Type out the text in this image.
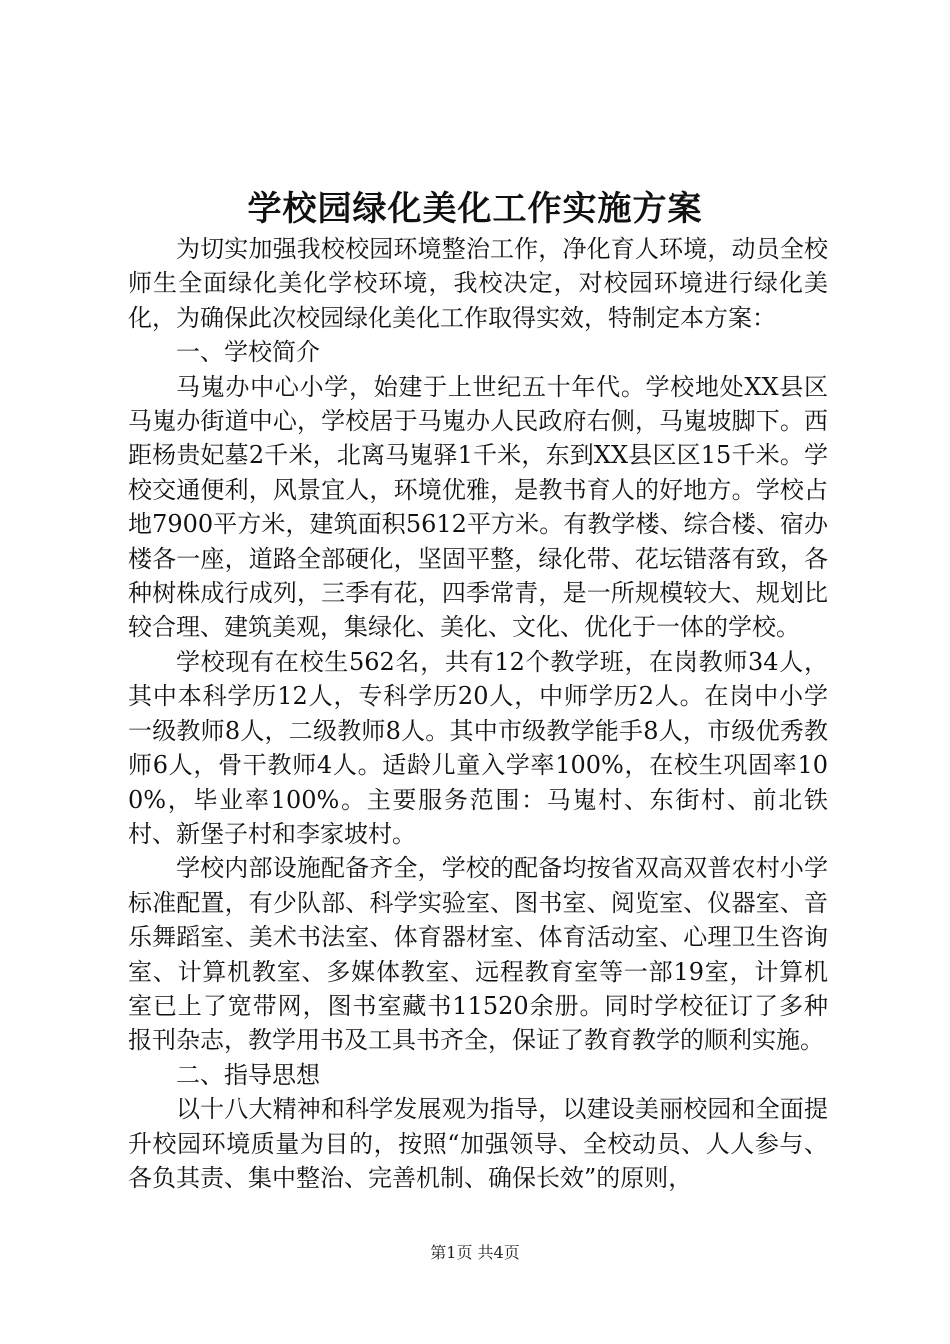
学校园绿化美化工作实施方案

为切实加强我校校园环境整治工作，净化育人环境，动员全校师生全面绿化美化学校环境，我校决定，对校园环境进行绿化美化，为确保此次校园绿化美化工作取得实效，特制定本方案：

一、学校简介

马嵬办中心小学，始建于上世纪五十年代。学校地处XX县区马嵬办街道中心，学校居于马嵬办人民政府右侧，马嵬坡脚下。西距杨贵妃墓2千米，北离马嵬驿1千米，东到XX县区区15千米。学校交通便利，风景宜人，环境优雅，是教书育人的好地方。学校占地7900平方米，建筑面积5612平方米。有教学楼、综合楼、宿办楼各一座，道路全部硬化，坚固平整，绿化带、花坛错落有致，各种树株成行成列，三季有花，四季常青，是一所规模较大、规划比较合理、建筑美观，集绿化、美化、文化、优化于一体的学校。

学校现有在校生562名，共有12个教学班，在岗教师34人，其中本科学历12人，专科学历20人，中师学历2人。在岗中小学一级教师8人，二级教师8人。其中市级教学能手8人，市级优秀教师6人，骨干教师4人。适龄儿童入学率100%，在校生巩固率100%，毕业率100%。主要服务范围：马嵬村、东街村、前北铁村、新堡子村和李家坡村。

学校内部设施配备齐全，学校的配备均按省双高双普农村小学标准配置，有少队部、科学实验室、图书室、阅览室、仪器室、音乐舞蹈室、美术书法室、体育器材室、体育活动室、心理卫生咨询室、计算机教室、多媒体教室、远程教育室等一部19室，计算机室已上了宽带网，图书室藏书11520余册。同时学校征订了多种报刊杂志，教学用书及工具书齐全，保证了教育教学的顺利实施。

二、指导思想

以十八大精神和科学发展观为指导，以建设美丽校园和全面提升校园环境质量为目的，按照“加强领导、全校动员、人人参与、各负其责、集中整治、完善机制、确保长效”的原则，

第1页 共4页
